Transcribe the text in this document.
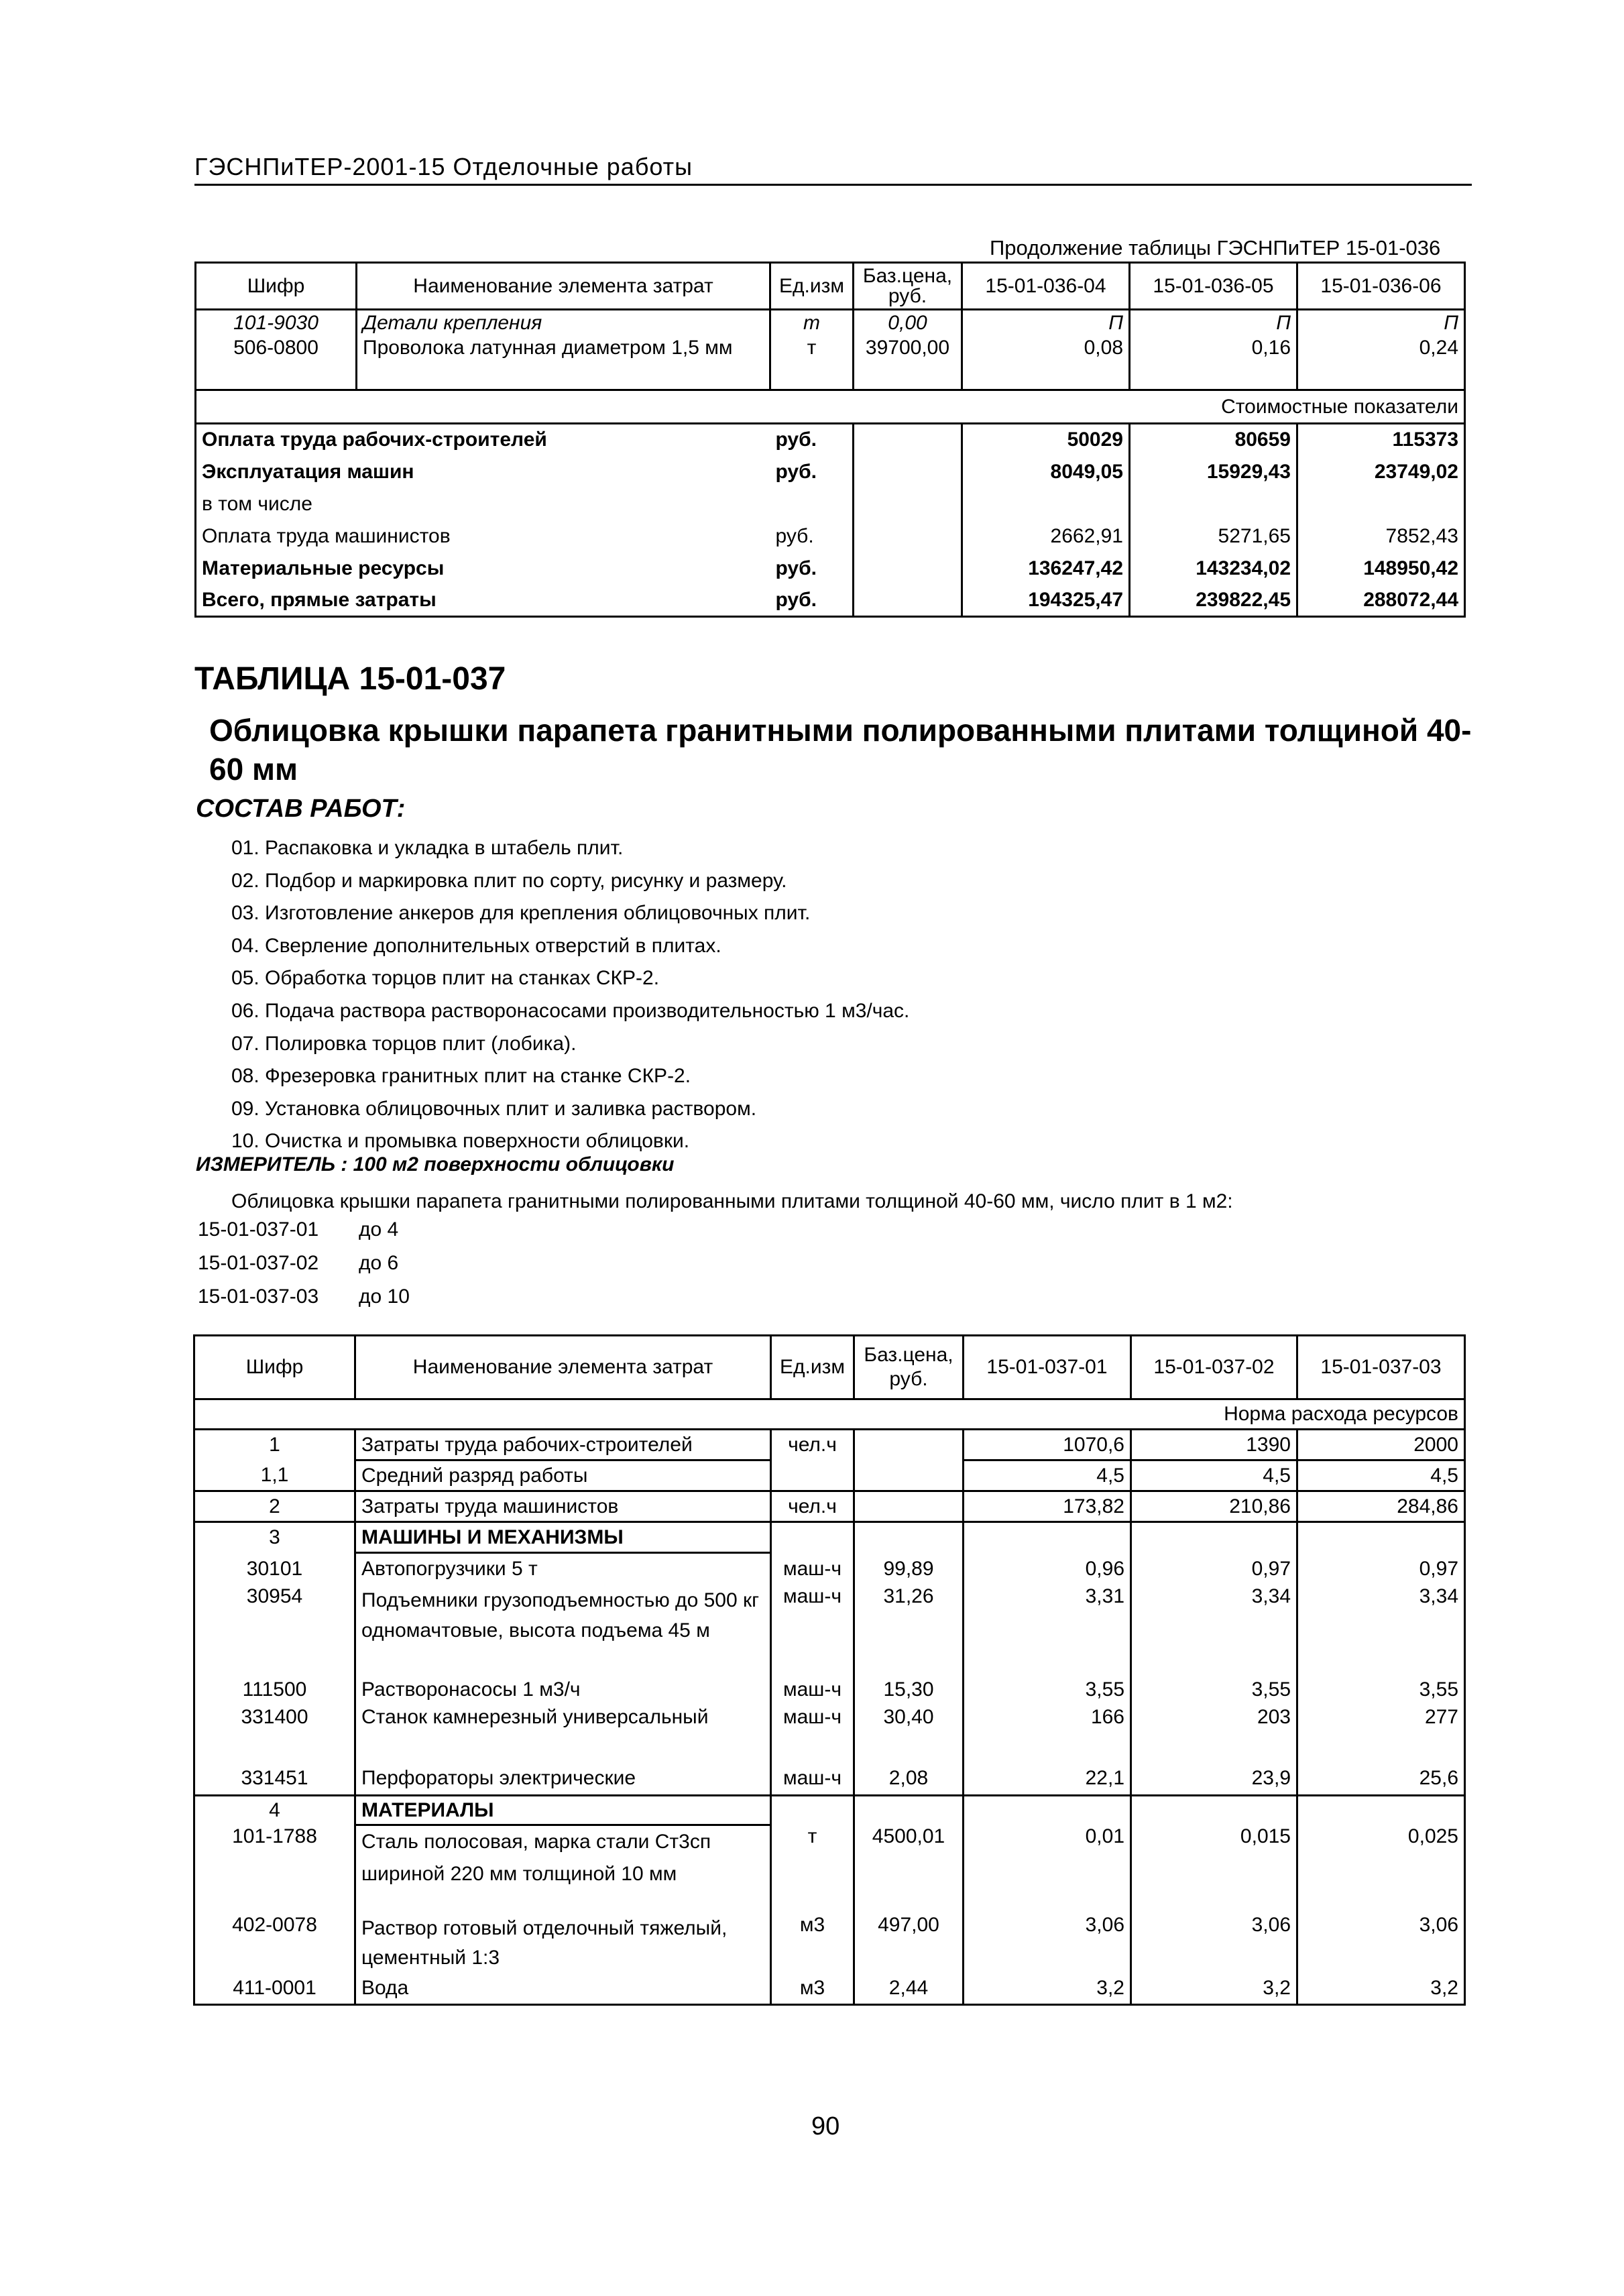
ГЭСНПиТЕР-2001-15 Отделочные работы
Продолжение таблицы ГЭСНПиТЕР 15-01-036
Шифр	Наименование элемента затрат	Ед.изм	Баз.цена, руб.	15-01-036-04	15-01-036-05	15-01-036-06
101-9030	Детали крепления	т	0,00	П	П	П
506-0800	Проволока латунная диаметром 1,5 мм	т	39700,00	0,08	0,16	0,24
Стоимостные показатели						
Оплата труда рабочих-строителей		руб.		50029	80659	115373
Эксплуатация машин		руб.		8049,05	15929,43	23749,02
в том числе						
Оплата труда машинистов		руб.		2662,91	5271,65	7852,43
Материальные ресурсы		руб.		136247,42	143234,02	148950,42
Всего, прямые затраты		руб.		194325,47	239822,45	288072,44
ТАБЛИЦА 15-01-037
Облицовка крышки парапета гранитными полированными плитами толщиной 40-60 мм
СОСТАВ РАБОТ:
01. Распаковка и укладка в штабель плит.
02. Подбор и маркировка плит по сорту, рисунку и размеру.
03. Изготовление анкеров для крепления облицовочных плит.
04. Сверление дополнительных отверстий в плитах.
05. Обработка торцов плит на станках СКР-2.
06. Подача раствора растворонасосами производительностью 1 м3/час.
07. Полировка торцов плит (лобика).
08. Фрезеровка гранитных плит на станке СКР-2.
09. Установка облицовочных плит и заливка раствором.
10. Очистка и промывка поверхности облицовки.
ИЗМЕРИТЕЛЬ : 100 м2 поверхности облицовки
Облицовка крышки парапета гранитными полированными плитами толщиной 40-60 мм, число плит в 1 м2:
15-01-037-01 до 4
15-01-037-02 до 6
15-01-037-03 до 10
Шифр	Наименование элемента затрат	Ед.изм	Баз.цена, руб.	15-01-037-01	15-01-037-02	15-01-037-03
Норма расхода ресурсов						
1	Затраты труда рабочих-строителей	чел.ч		1070,6	1390	2000
1,1	Средний разряд работы			4,5	4,5	4,5
2	Затраты труда машинистов	чел.ч		173,82	210,86	284,86
3	МАШИНЫ И МЕХАНИЗМЫ					
30101	Автопогрузчики 5 т	маш-ч	99,89	0,96	0,97	0,97
30954	Подъемники грузоподъемностью до 500 кг одномачтовые, высота подъема 45 м	маш-ч	31,26	3,31	3,34	3,34
111500	Растворонасосы 1 м3/ч	маш-ч	15,30	3,55	3,55	3,55
331400	Станок камнерезный универсальный	маш-ч	30,40	166	203	277
331451	Перфораторы электрические	маш-ч	2,08	22,1	23,9	25,6
4	МАТЕРИАЛЫ					
101-1788	Сталь полосовая, марка стали Ст3сп шириной 220 мм толщиной 10 мм	т	4500,01	0,01	0,015	0,025
402-0078	Раствор готовый отделочный тяжелый, цементный 1:3	м3	497,00	3,06	3,06	3,06
411-0001	Вода	м3	2,44	3,2	3,2	3,2
90
